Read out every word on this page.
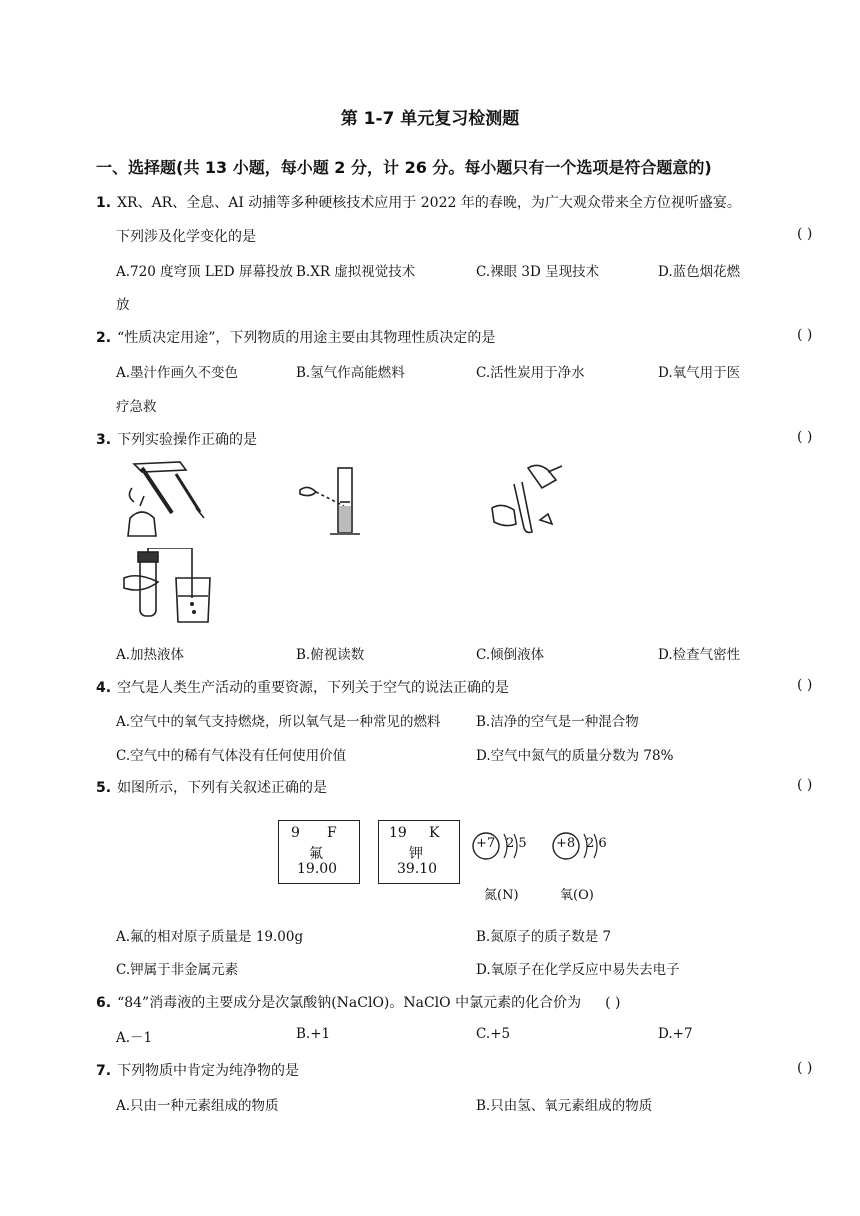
第 1-7 单元复习检测题
一、选择题(共 13 小题，每小题 2 分，计 26 分。每小题只有一个选项是符合题意的)
1. XR、AR、全息、AI 动捕等多种硬核技术应用于 2022 年的春晚，为广大观众带来全方位视听盛宴。
下列涉及化学变化的是	( )
A.720 度穹顶 LED 屏幕投放 B.XR 虚拟视觉技术	C.裸眼 3D 呈现技术	D.蓝色烟花燃
放
2. “性质决定用途”，下列物质的用途主要由其物理性质决定的是	( )
A.墨汁作画久不变色	B.氢气作高能燃料	C.活性炭用于净水	D.氧气用于医
疗急救
3. 下列实验操作正确的是	( )
A.加热液体	B.俯视读数	C.倾倒液体	D.检查气密性
4. 空气是人类生产活动的重要资源，下列关于空气的说法正确的是	( )
A.空气中的氧气支持燃烧，所以氧气是一种常见的燃料	B.洁净的空气是一种混合物
C.空气中的稀有气体没有任何使用价值	D.空气中氮气的质量分数为 78%
5. 如图所示，下列有关叙述正确的是	( )
9 F
氟
19.00
19 K
钾
39.10
+7 2 5
氮(N)
+8 2 6
氧(O)
A.氟的相对原子质量是 19.00g	B.氮原子的质子数是 7
C.钾属于非金属元素	D.氧原子在化学反应中易失去电子
6. “84”消毒液的主要成分是次氯酸钠(NaClO)。NaClO 中氯元素的化合价为 ( )
A.－1	B.+1	C.+5	D.+7
7. 下列物质中肯定为纯净物的是	( )
A.只由一种元素组成的物质	B.只由氢、氧元素组成的物质
